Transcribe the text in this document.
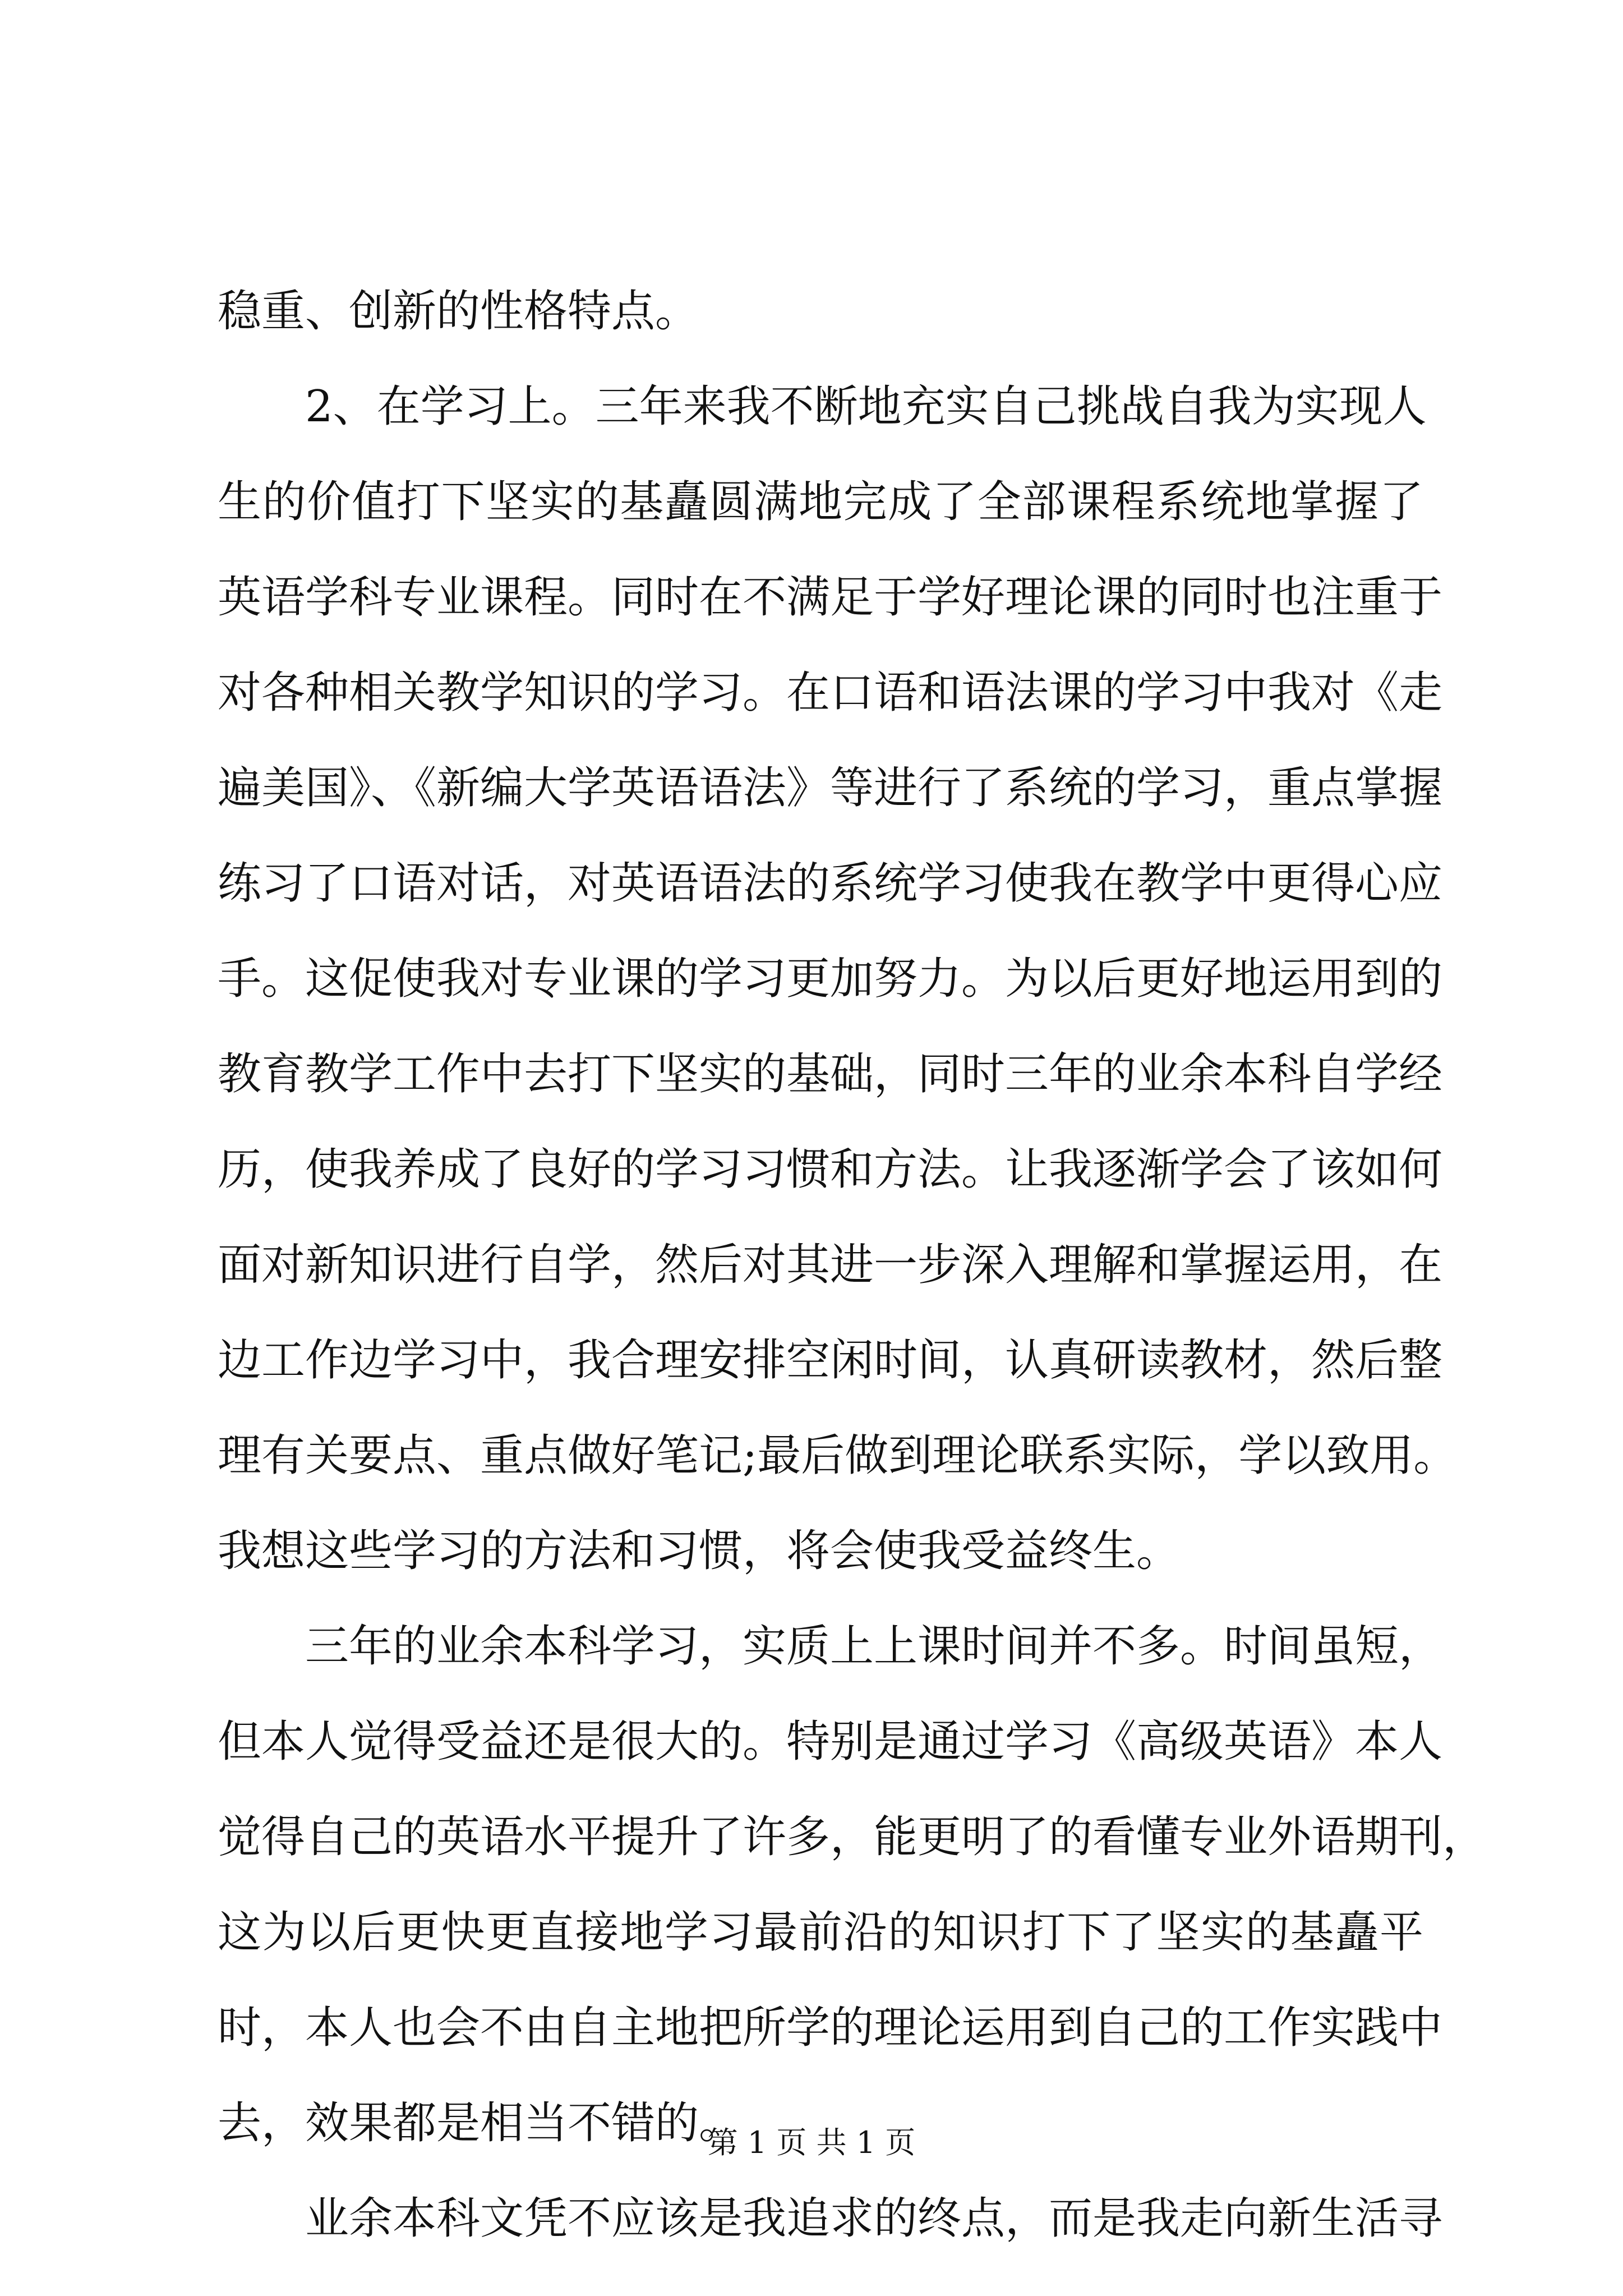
稳重、创新的性格特点。
2、在学习上。三年来我不断地充实自己挑战自我为实现人
生的价值打下坚实的基矗圆满地完成了全部课程系统地掌握了
英语学科专业课程。同时在不满足于学好理论课的同时也注重于
对各种相关教学知识的学习。在口语和语法课的学习中我对《走
遍美国》、《新编大学英语语法》等进行了系统的学习，重点掌握
练习了口语对话，对英语语法的系统学习使我在教学中更得心应
手。这促使我对专业课的学习更加努力。为以后更好地运用到的
教育教学工作中去打下坚实的基础，同时三年的业余本科自学经
历，使我养成了良好的学习习惯和方法。让我逐渐学会了该如何
面对新知识进行自学，然后对其进一步深入理解和掌握运用，在
边工作边学习中，我合理安排空闲时间，认真研读教材，然后整
理有关要点、重点做好笔记;最后做到理论联系实际，学以致用。
我想这些学习的方法和习惯，将会使我受益终生。
三年的业余本科学习，实质上上课时间并不多。时间虽短，
但本人觉得受益还是很大的。特别是通过学习《高级英语》本人
觉得自己的英语水平提升了许多，能更明了的看懂专业外语期刊，
这为以后更快更直接地学习最前沿的知识打下了坚实的基矗平
时，本人也会不由自主地把所学的理论运用到自己的工作实践中
去，效果都是相当不错的。
业余本科文凭不应该是我追求的终点，而是我走向新生活寻
第 1 页 共 1 页
